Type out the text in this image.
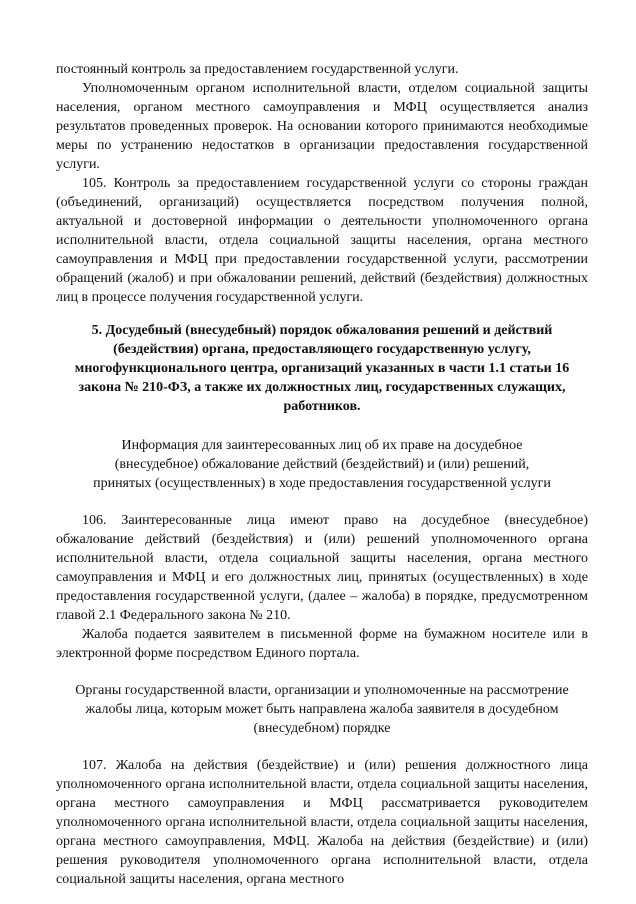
постоянный контроль за предоставлением государственной услуги.

Уполномоченным органом исполнительной власти, отделом социальной защиты населения, органом местного самоуправления и МФЦ осуществляется анализ результатов проведенных проверок. На основании которого принимаются необходимые меры по устранению недостатков в организации предоставления государственной услуги.

105. Контроль за предоставлением государственной услуги со стороны граждан (объединений, организаций) осуществляется посредством получения полной, актуальной и достоверной информации о деятельности уполномоченного органа исполнительной власти, отдела социальной защиты населения, органа местного самоуправления и МФЦ при предоставлении государственной услуги, рассмотрении обращений (жалоб) и при обжаловании решений, действий (бездействия) должностных лиц в процессе получения государственной услуги.

5. Досудебный (внесудебный) порядок обжалования решений и действий (бездействия) органа, предоставляющего государственную услугу, многофункционального центра, организаций указанных в части 1.1 статьи 16 закона № 210-ФЗ, а также их должностных лиц, государственных служащих, работников.

Информация для заинтересованных лиц об их праве на досудебное (внесудебное) обжалование действий (бездействий) и (или) решений, принятых (осуществленных) в ходе предоставления государственной услуги

106. Заинтересованные лица имеют право на досудебное (внесудебное) обжалование действий (бездействия) и (или) решений уполномоченного органа исполнительной власти, отдела социальной защиты населения, органа местного самоуправления и МФЦ и его должностных лиц, принятых (осуществленных) в ходе предоставления государственной услуги, (далее – жалоба) в порядке, предусмотренном главой 2.1 Федерального закона № 210.

Жалоба подается заявителем в письменной форме на бумажном носителе или в электронной форме посредством Единого портала.

Органы государственной власти, организации и уполномоченные на рассмотрение жалобы лица, которым может быть направлена жалоба заявителя в досудебном (внесудебном) порядке

107. Жалоба на действия (бездействие) и (или) решения должностного лица уполномоченного органа исполнительной власти, отдела социальной защиты населения, органа местного самоуправления и МФЦ рассматривается руководителем уполномоченного органа исполнительной власти, отдела социальной защиты населения, органа местного самоуправления, МФЦ. Жалоба на действия (бездействие) и (или) решения руководителя уполномоченного органа исполнительной власти, отдела социальной защиты населения, органа местного
